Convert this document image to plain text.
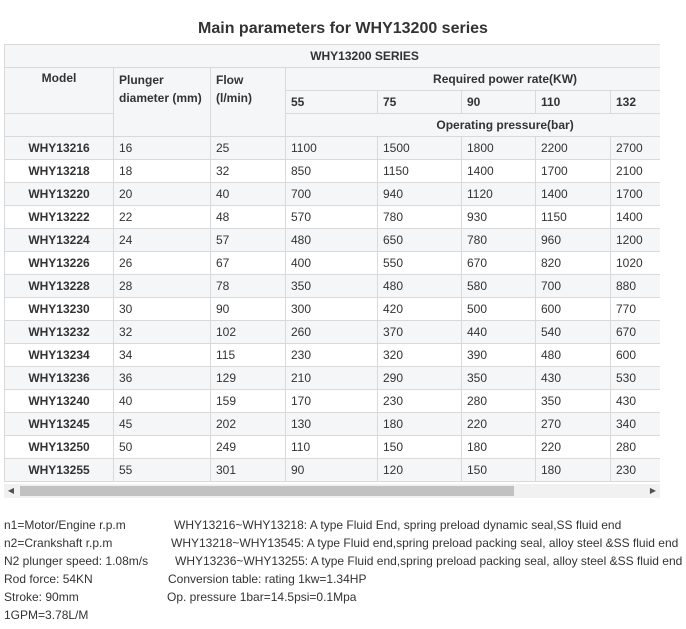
Main parameters for WHY13200 series
WHY13200 SERIES							
Model	Plunger diameter (mm)	Flow (l/min)	Required power rate(KW)				
			55	75	90	110	132
			Operating pressure(bar)				
WHY13216	16	25	1100	1500	1800	2200	2700
WHY13218	18	32	850	1150	1400	1700	2100
WHY13220	20	40	700	940	1120	1400	1700
WHY13222	22	48	570	780	930	1150	1400
WHY13224	24	57	480	650	780	960	1200
WHY13226	26	67	400	550	670	820	1020
WHY13228	28	78	350	480	580	700	880
WHY13230	30	90	300	420	500	600	770
WHY13232	32	102	260	370	440	540	670
WHY13234	34	115	230	320	390	480	600
WHY13236	36	129	210	290	350	430	530
WHY13240	40	159	170	230	280	350	430
WHY13245	45	202	130	180	220	270	340
WHY13250	50	249	110	150	180	220	280
WHY13255	55	301	90	120	150	180	230
◀	▶
n1=Motor/Engine r.p.m	WHY13216~WHY13218: A type Fluid End, spring preload dynamic seal,SS fluid end
n2=Crankshaft r.p.m	WHY13218~WHY13545: A type Fluid end,spring preload packing seal, alloy steel &SS fluid end
N2 plunger speed: 1.08m/s WHY13236~WHY13255: A type Fluid end,spring preload packing seal, alloy steel &SS fluid end
Rod force: 54KN	Conversion table: rating 1kw=1.34HP
Stroke: 90mm	Op. pressure 1bar=14.5psi=0.1Mpa
1GPM=3.78L/M
